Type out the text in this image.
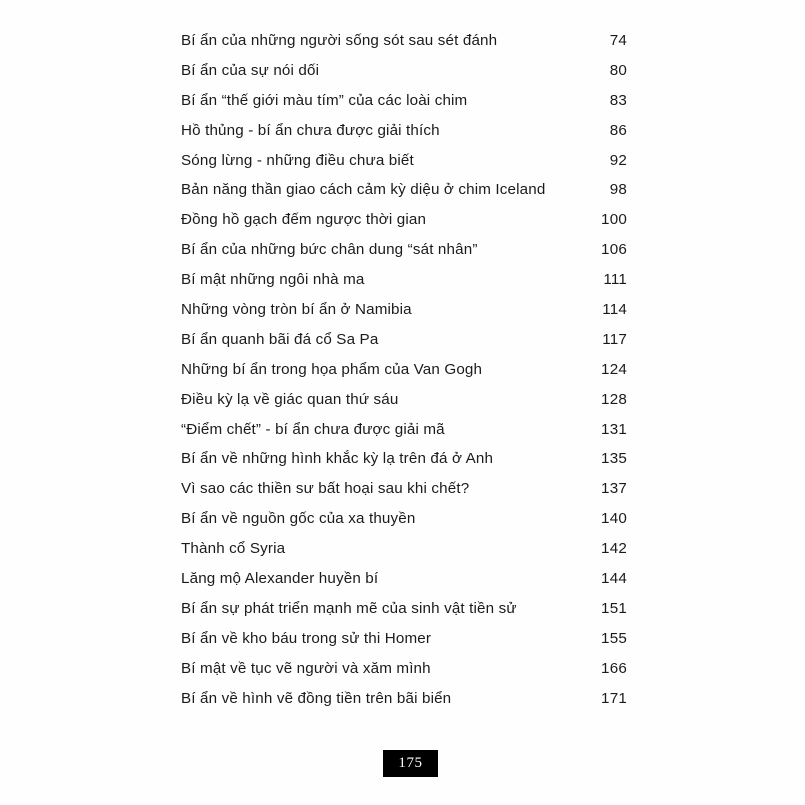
Bí ẩn của những người sống sót sau sét đánh	74
Bí ẩn của sự nói dối	80
Bí ẩn “thế giới màu tím” của các loài chim	83
Hồ thủng - bí ẩn chưa được giải thích	86
Sóng lừng - những điều chưa biết	92
Bản năng thần giao cách cảm kỳ diệu ở chim Iceland	98
Đồng hồ gạch đếm ngược thời gian	100
Bí ẩn của những bức chân dung “sát nhân”	106
Bí mật những ngôi nhà ma	111
Những vòng tròn bí ẩn ở Namibia	114
Bí ẩn quanh bãi đá cổ Sa Pa	117
Những bí ẩn trong họa phẩm của Van Gogh	124
Điều kỳ lạ về giác quan thứ sáu	128
“Điểm chết” - bí ẩn chưa được giải mã	131
Bí ẩn về những hình khắc kỳ lạ trên đá ở Anh	135
Vì sao các thiền sư bất hoại sau khi chết?	137
Bí ẩn về nguồn gốc của xa thuyền	140
Thành cổ Syria	142
Lăng mộ Alexander huyền bí	144
Bí ẩn sự phát triển mạnh mẽ của sinh vật tiền sử	151
Bí ẩn về kho báu trong sử thi Homer	155
Bí mật về tục vẽ người và xăm mình	166
Bí ẩn về hình vẽ đồng tiền trên bãi biển	171
175
